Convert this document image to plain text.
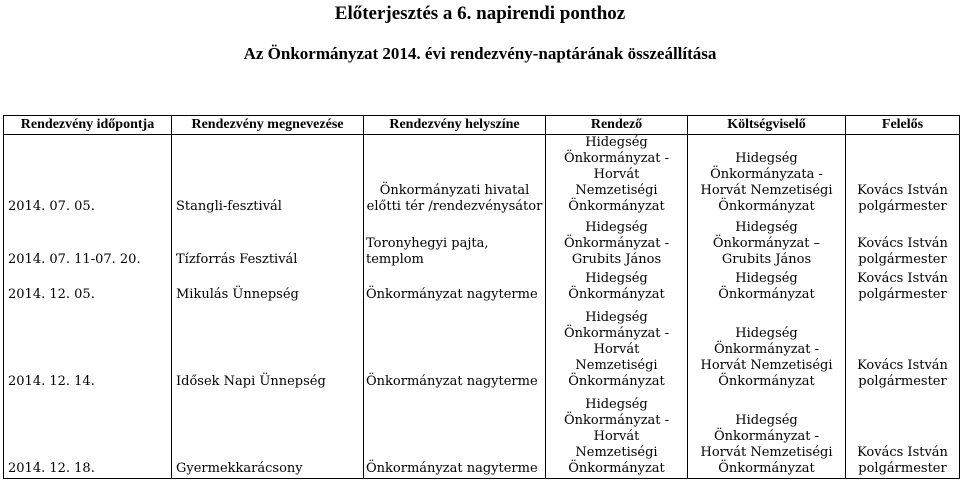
Előterjesztés a 6. napirendi ponthoz
Az Önkormányzat 2014. évi rendezvény-naptárának összeállítása
Rendezvény időpontja	Rendezvény megnevezése	Rendezvény helyszíne	Rendező	Költségviselő	Felelős
2014. 07. 05.	Stangli-fesztivál	Önkormányzati hivatal
előtti tér /rendezvénysátor	Hidegség
Önkormányzat -
Horvát
Nemzetiségi
Önkormányzat	Hidegség
Önkormányzata -
Horvát Nemzetiségi
Önkormányzat	Kovács István
polgármester
2014. 07. 11-07. 20.	Tízforrás Fesztivál	Toronyhegyi pajta, templom	Hidegség
Önkormányzat -
Grubits János	Hidegség
Önkormányzat –
Grubits János	Kovács István
polgármester
2014. 12. 05.	Mikulás Ünnepség	Önkormányzat nagyterme	Hidegség
Önkormányzat	Hidegség
Önkormányzat	Kovács István
polgármester
2014. 12. 14.	Idősek Napi Ünnepség	Önkormányzat nagyterme	Hidegség
Önkormányzat -
Horvát
Nemzetiségi
Önkormányzat	Hidegség
Önkormányzat -
Horvát Nemzetiségi
Önkormányzat	Kovács István
polgármester
2014. 12. 18.	Gyermekkarácsony	Önkormányzat nagyterme	Hidegség
Önkormányzat -
Horvát
Nemzetiségi
Önkormányzat	Hidegség
Önkormányzat -
Horvát Nemzetiségi
Önkormányzat	Kovács István
polgármester
